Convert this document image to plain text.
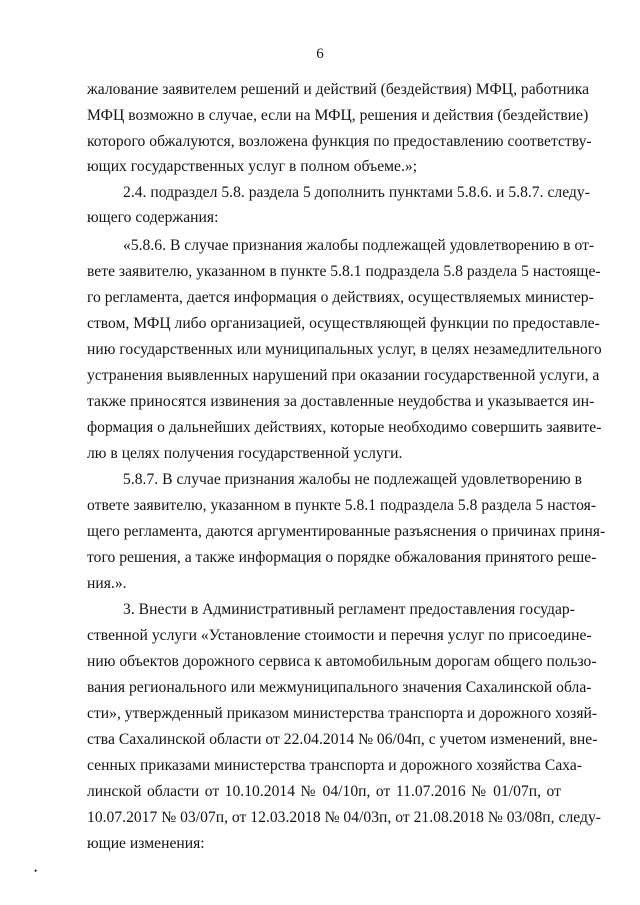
6
жалование заявителем решений и действий (бездействия) МФЦ, работника
МФЦ возможно в случае, если на МФЦ, решения и действия (бездействие)
которого обжалуются, возложена функция по предоставлению соответству-
ющих государственных услуг в полном объеме.»;
2.4. подраздел 5.8. раздела 5 дополнить пунктами 5.8.6. и 5.8.7. следу-
ющего содержания:
«5.8.6. В случае признания жалобы подлежащей удовлетворению в от-
вете заявителю, указанном в пункте 5.8.1 подраздела 5.8 раздела 5 настояще-
го регламента, дается информация о действиях, осуществляемых министер-
ством, МФЦ либо организацией, осуществляющей функции по предоставле-
нию государственных или муниципальных услуг, в целях незамедлительного
устранения выявленных нарушений при оказании государственной услуги, а
также приносятся извинения за доставленные неудобства и указывается ин-
формация о дальнейших действиях, которые необходимо совершить заявите-
лю в целях получения государственной услуги.
5.8.7. В случае признания жалобы не подлежащей удовлетворению в
ответе заявителю, указанном в пункте 5.8.1 подраздела 5.8 раздела 5 настоя-
щего регламента, даются аргументированные разъяснения о причинах приня-
того решения, а также информация о порядке обжалования принятого реше-
ния.».
3. Внести в Административный регламент предоставления государ-
ственной услуги «Установление стоимости и перечня услуг по присоедине-
нию объектов дорожного сервиса к автомобильным дорогам общего пользо-
вания регионального или межмуниципального значения Сахалинской обла-
сти», утвержденный приказом министерства транспорта и дорожного хозяй-
ства Сахалинской области от 22.04.2014 № 06/04п, с учетом изменений, вне-
сенных приказами министерства транспорта и дорожного хозяйства Саха-
линской области от 10.10.2014 № 04/10п, от 11.07.2016 № 01/07п, от
10.07.2017 № 03/07п, от 12.03.2018 № 04/03п, от 21.08.2018 № 03/08п, следу-
ющие изменения:
•
